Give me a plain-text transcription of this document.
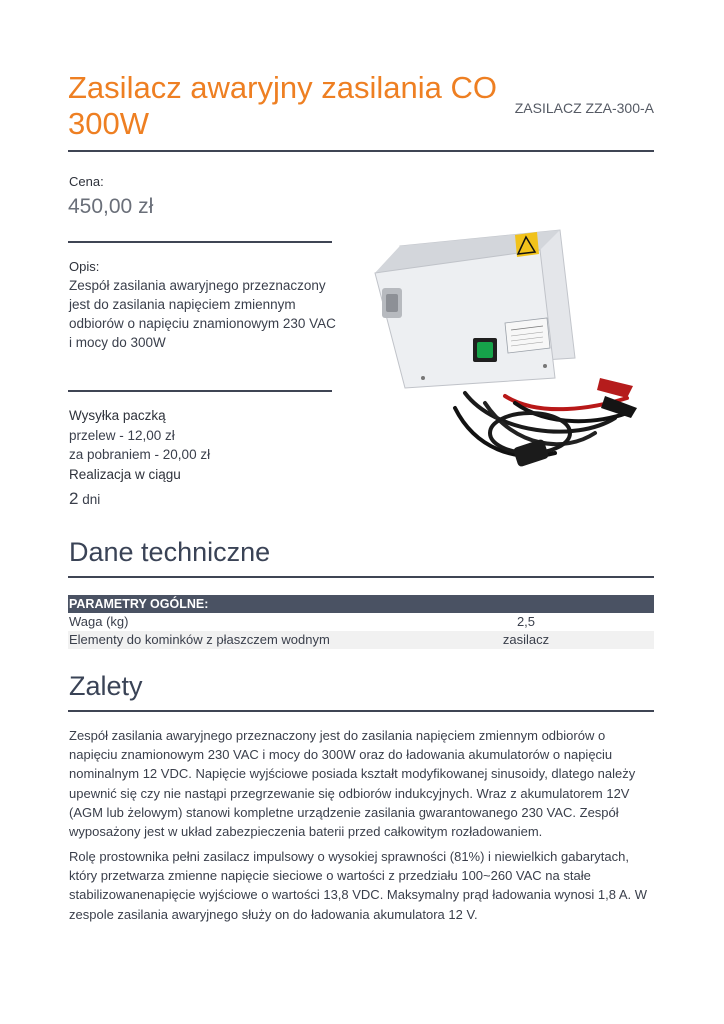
Zasilacz awaryjny zasilania CO 300W	ZASILACZ ZZA-300-A
Cena:
450,00 zł
Opis:
Zespół zasilania awaryjnego przeznaczony jest do zasilania napięciem zmiennym odbiorów o napięciu znamionowym 230 VAC i mocy do 300W
Wysyłka paczką
przelew - 12,00 zł
za pobraniem - 20,00 zł
Realizacja w ciągu
2 dni
Dane techniczne
PARAMETRY OGÓLNE:
Waga (kg)	2,5
Elementy do kominków z płaszczem wodnym	zasilacz
Zalety
Zespół zasilania awaryjnego przeznaczony jest do zasilania napięciem zmiennym odbiorów o napięciu znamionowym 230 VAC i mocy do 300W oraz do ładowania akumulatorów o napięciu nominalnym 12 VDC. Napięcie wyjściowe posiada kształt modyfikowanej sinusoidy, dlatego należy upewnić się czy nie nastąpi przegrzewanie się odbiorów indukcyjnych. Wraz z akumulatorem 12V (AGM lub żelowym) stanowi kompletne urządzenie zasilania gwarantowanego 230 VAC. Zespół wyposażony jest w układ zabezpieczenia baterii przed całkowitym rozładowaniem.
Rolę prostownika pełni zasilacz impulsowy o wysokiej sprawności (81%) i niewielkich gabarytach, który przetwarza zmienne napięcie sieciowe o wartości z przedziału 100~260 VAC na stałe stabilizowanenapięcie wyjściowe o wartości 13,8 VDC. Maksymalny prąd ładowania wynosi 1,8 A. W zespole zasilania awaryjnego służy on do ładowania akumulatora 12 V.
